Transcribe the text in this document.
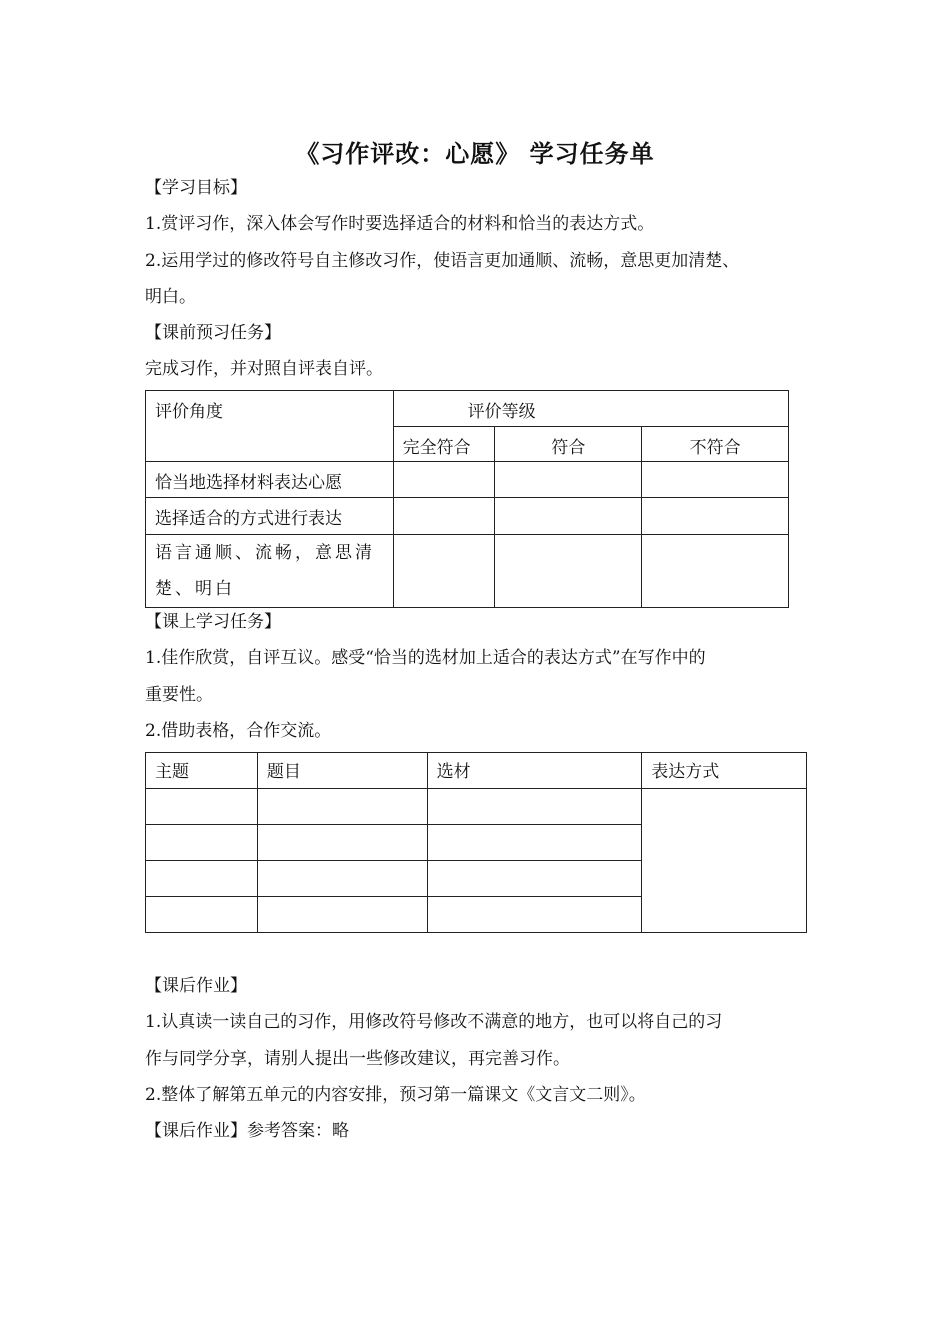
《习作评改：心愿》 学习任务单
【学习目标】
1.赏评习作，深入体会写作时要选择适合的材料和恰当的表达方式。
2.运用学过的修改符号自主修改习作，使语言更加通顺、流畅，意思更加清楚、
明白。
【课前预习任务】
完成习作，并对照自评表自评。
评价角度	评价等级		
	完全符合	符合	不符合
恰当地选择材料表达心愿			
选择适合的方式进行表达			
语言通顺、流畅，意思清楚、明白			
【课上学习任务】
1.佳作欣赏，自评互议。感受“恰当的选材加上适合的表达方式”在写作中的
重要性。
2.借助表格，合作交流。
主题	题目	选材	表达方式

【课后作业】
1.认真读一读自己的习作，用修改符号修改不满意的地方，也可以将自己的习
作与同学分享，请别人提出一些修改建议，再完善习作。
2.整体了解第五单元的内容安排，预习第一篇课文《文言文二则》。
【课后作业】参考答案：略
